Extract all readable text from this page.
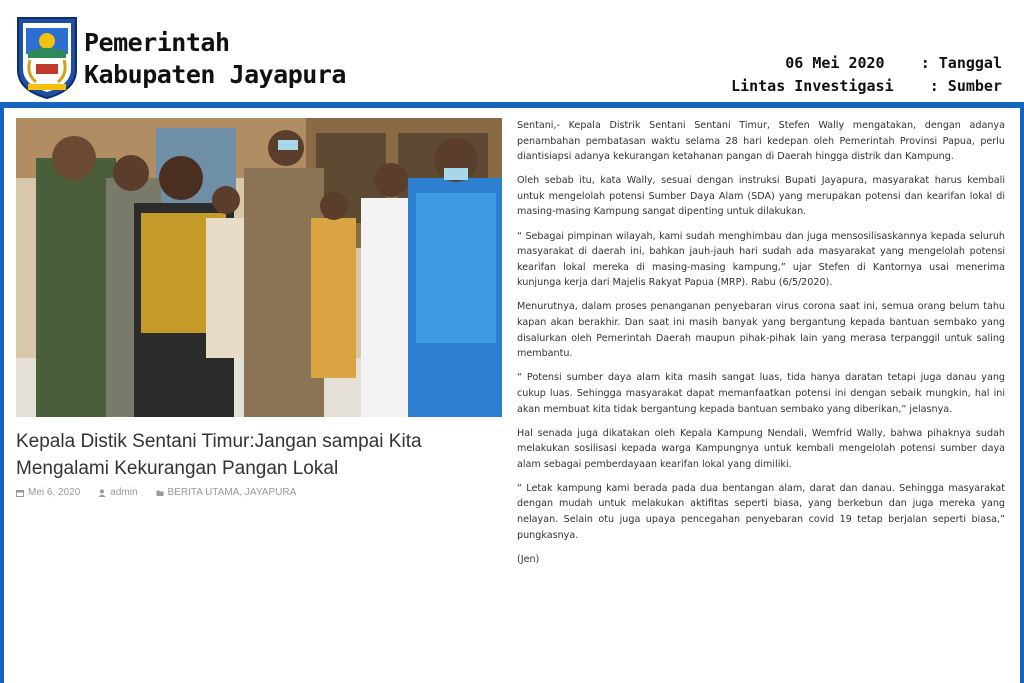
Pemerintah
Kabupaten Jayapura	06 Mei 2020 : Tanggal
Lintas Investigasi : Sumber
Kepala Distik Sentani Timur:Jangan sampai Kita Mengalami Kekurangan Pangan Lokal
Mei 6, 2020	admin	BERITA UTAMA, JAYAPURA

Sentani,- Kepala Distrik Sentani Sentani Timur, Stefen Wally mengatakan, dengan adanya penambahan pembatasan waktu selama 28 hari kedepan oleh Pemerintah Provinsi Papua, perlu diantisiapsi adanya kekurangan ketahanan pangan di Daerah hingga distrik dan Kampung.

Oleh sebab itu, kata Wally, sesuai dengan instruksi Bupati Jayapura, masyarakat harus kembali untuk mengelolah potensi Sumber Daya Alam (SDA) yang merupakan potensi dan kearifan lokal di masing-masing Kampung sangat dipenting untuk dilakukan.

“ Sebagai pimpinan wilayah, kami sudah menghimbau dan juga mensosilisaskannya kepada seluruh masyarakat di daerah ini, bahkan jauh-jauh hari sudah ada masyarakat yang mengelolah potensi kearifan lokal mereka di masing-masing kampung,” ujar Stefen di Kantornya usai menerima kunjunga kerja dari Majelis Rakyat Papua (MRP). Rabu (6/5/2020).

Menurutnya, dalam proses penanganan penyebaran virus corona saat ini, semua orang belum tahu kapan akan berakhir. Dan saat ini masih banyak yang bergantung kepada bantuan sembako yang disalurkan oleh Pemerintah Daerah maupun pihak-pihak lain yang merasa terpanggil untuk saling membantu.

“ Potensi sumber daya alam kita masih sangat luas, tida hanya daratan tetapi juga danau yang cukup luas. Sehingga masyarakat dapat memanfaatkan potensi ini dengan sebaik mungkin, hal ini akan membuat kita tidak bergantung kepada bantuan sembako yang diberikan,” jelasnya.

Hal senada juga dikatakan oleh Kepala Kampung Nendali, Wemfrid Wally, bahwa pihaknya sudah melakukan sosilisasi kepada warga Kampungnya untuk kembali mengelolah potensi sumber daya alam sebagai pemberdayaan kearifan lokal yang dimiliki.

“ Letak kampung kami berada pada dua bentangan alam, darat dan danau. Sehingga masyarakat dengan mudah untuk melakukan aktifitas seperti biasa, yang berkebun dan juga mereka yang nelayan. Selain otu juga upaya pencegahan penyebaran covid 19 tetap berjalan seperti biasa,” pungkasnya.

(Jen)
